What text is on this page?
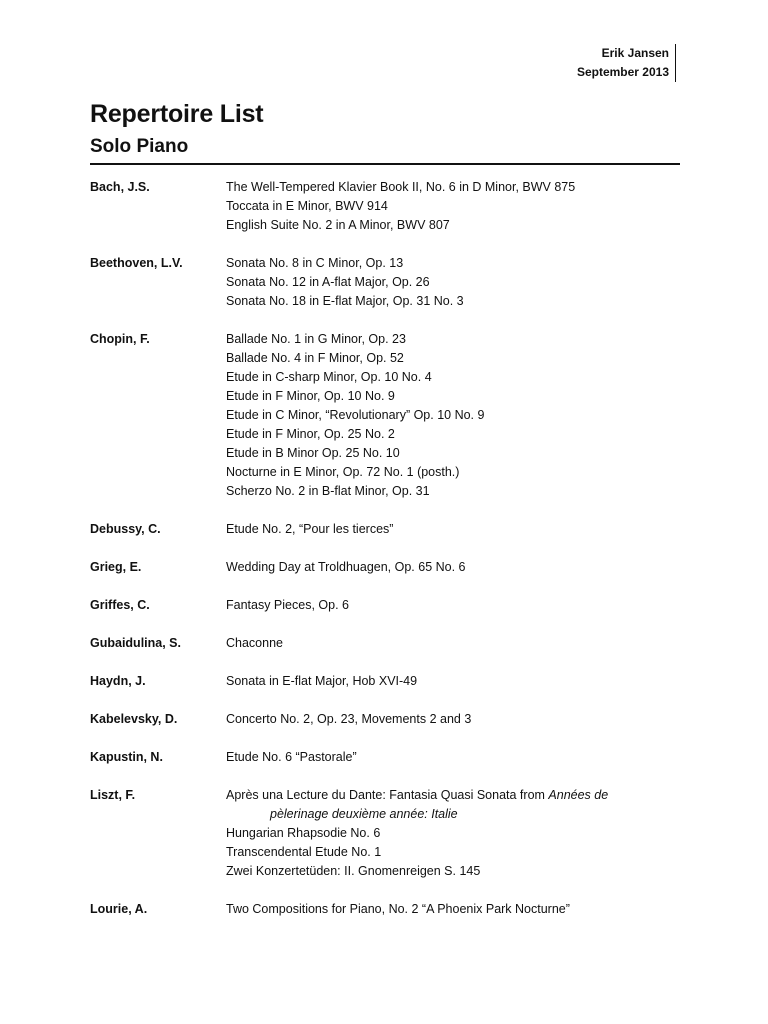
Erik Jansen
September 2013
Repertoire List
Solo Piano
Bach, J.S.	The Well-Tempered Klavier Book II, No. 6 in D Minor, BWV 875
Toccata in E Minor, BWV 914
English Suite No. 2 in A Minor, BWV 807
Beethoven, L.V.	Sonata No. 8 in C Minor, Op. 13
Sonata No. 12 in A-flat Major, Op. 26
Sonata No. 18 in E-flat Major, Op. 31 No. 3
Chopin, F.	Ballade No. 1 in G Minor, Op. 23
Ballade No. 4 in F Minor, Op. 52
Etude in C-sharp Minor, Op. 10 No. 4
Etude in F Minor, Op. 10 No. 9
Etude in C Minor, “Revolutionary” Op. 10 No. 9
Etude in F Minor, Op. 25 No. 2
Etude in B Minor Op. 25 No. 10
Nocturne in E Minor, Op. 72 No. 1 (posth.)
Scherzo No. 2 in B-flat Minor, Op. 31
Debussy, C.	Etude No. 2, “Pour les tierces”
Grieg, E.	Wedding Day at Troldhuagen, Op. 65 No. 6
Griffes, C.	Fantasy Pieces, Op. 6
Gubaidulina, S.	Chaconne
Haydn, J.	Sonata in E-flat Major, Hob XVI-49
Kabelevsky, D.	Concerto No. 2, Op. 23, Movements 2 and 3
Kapustin, N.	Etude No. 6 “Pastorale”
Liszt, F.	Après una Lecture du Dante: Fantasia Quasi Sonata from Années de
pèlerinage deuxième année: Italie
Hungarian Rhapsodie No. 6
Transcendental Etude No. 1
Zwei Konzertetüden: II. Gnomenreigen S. 145
Lourie, A.	Two Compositions for Piano, No. 2 “A Phoenix Park Nocturne”
